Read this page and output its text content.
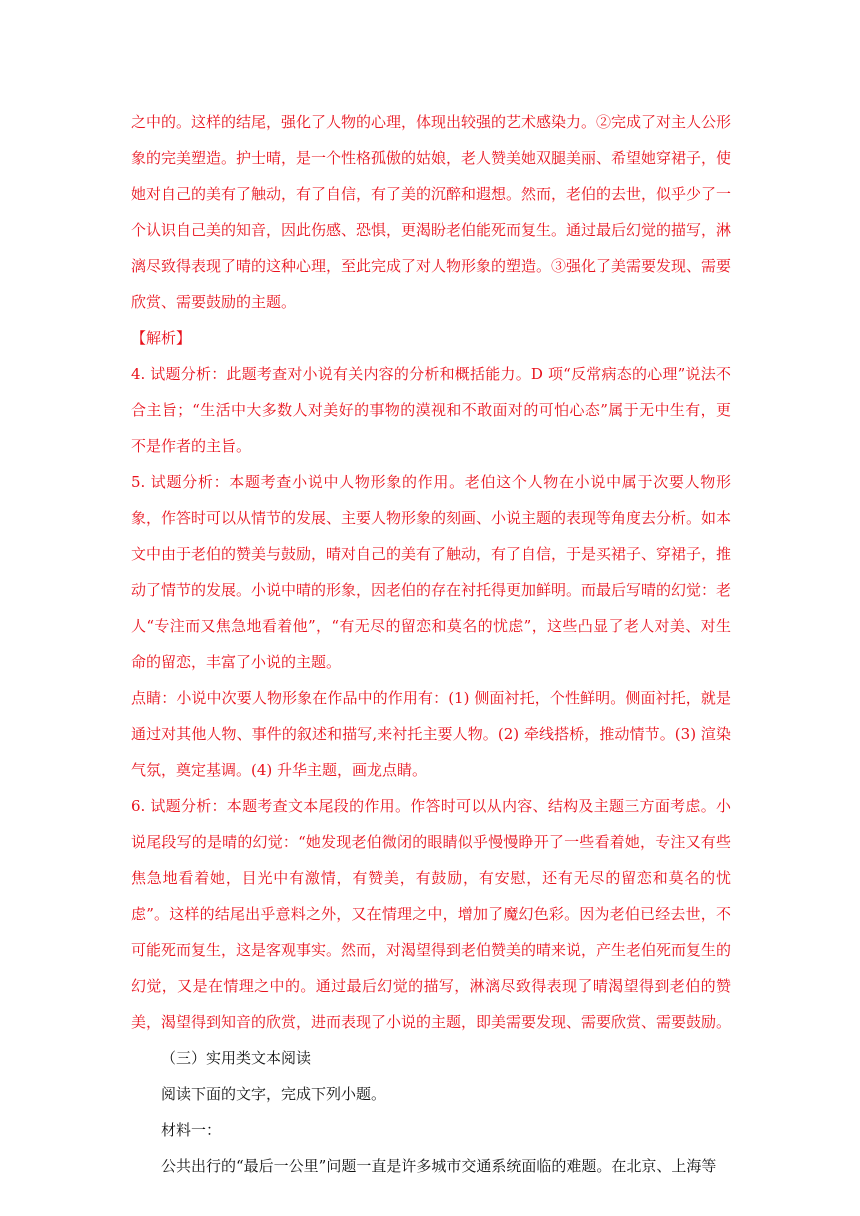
之中的。这样的结尾，强化了人物的心理，体现出较强的艺术感染力。②完成了对主人公形象的完美塑造。护士晴，是一个性格孤傲的姑娘，老人赞美她双腿美丽、希望她穿裙子，使她对自己的美有了触动，有了自信，有了美的沉醉和遐想。然而，老伯的去世，似乎少了一个认识自己美的知音，因此伤感、恐惧，更渴盼老伯能死而复生。通过最后幻觉的描写，淋漓尽致得表现了晴的这种心理，至此完成了对人物形象的塑造。③强化了美需要发现、需要欣赏、需要鼓励的主题。

【解析】

4. 试题分析：此题考查对小说有关内容的分析和概括能力。D 项“反常病态的心理”说法不合主旨；“生活中大多数人对美好的事物的漠视和不敢面对的可怕心态”属于无中生有，更不是作者的主旨。

5. 试题分析：本题考查小说中人物形象的作用。老伯这个人物在小说中属于次要人物形象，作答时可以从情节的发展、主要人物形象的刻画、小说主题的表现等角度去分析。如本文中由于老伯的赞美与鼓励，晴对自己的美有了触动，有了自信，于是买裙子、穿裙子，推动了情节的发展。小说中晴的形象，因老伯的存在衬托得更加鲜明。而最后写晴的幻觉：老人“专注而又焦急地看着他”，“有无尽的留恋和莫名的忧虑”，这些凸显了老人对美、对生命的留恋，丰富了小说的主题。

点睛：小说中次要人物形象在作品中的作用有：(1) 侧面衬托，个性鲜明。侧面衬托，就是通过对其他人物、事件的叙述和描写,来衬托主要人物。(2) 牵线搭桥，推动情节。(3) 渲染气氛，奠定基调。(4) 升华主题，画龙点睛。

6. 试题分析：本题考查文本尾段的作用。作答时可以从内容、结构及主题三方面考虑。小说尾段写的是晴的幻觉：“她发现老伯微闭的眼睛似乎慢慢睁开了一些看着她，专注又有些焦急地看着她，目光中有激情，有赞美，有鼓励，有安慰，还有无尽的留恋和莫名的忧虑”。这样的结尾出乎意料之外，又在情理之中，增加了魔幻色彩。因为老伯已经去世，不可能死而复生，这是客观事实。然而，对渴望得到老伯赞美的晴来说，产生老伯死而复生的幻觉，又是在情理之中的。通过最后幻觉的描写，淋漓尽致得表现了晴渴望得到老伯的赞美，渴望得到知音的欣赏，进而表现了小说的主题，即美需要发现、需要欣赏、需要鼓励。

（三）实用类文本阅读

阅读下面的文字，完成下列小题。

材料一：

公共出行的“最后一公里”问题一直是许多城市交通系统面临的难题。在北京、上海等
